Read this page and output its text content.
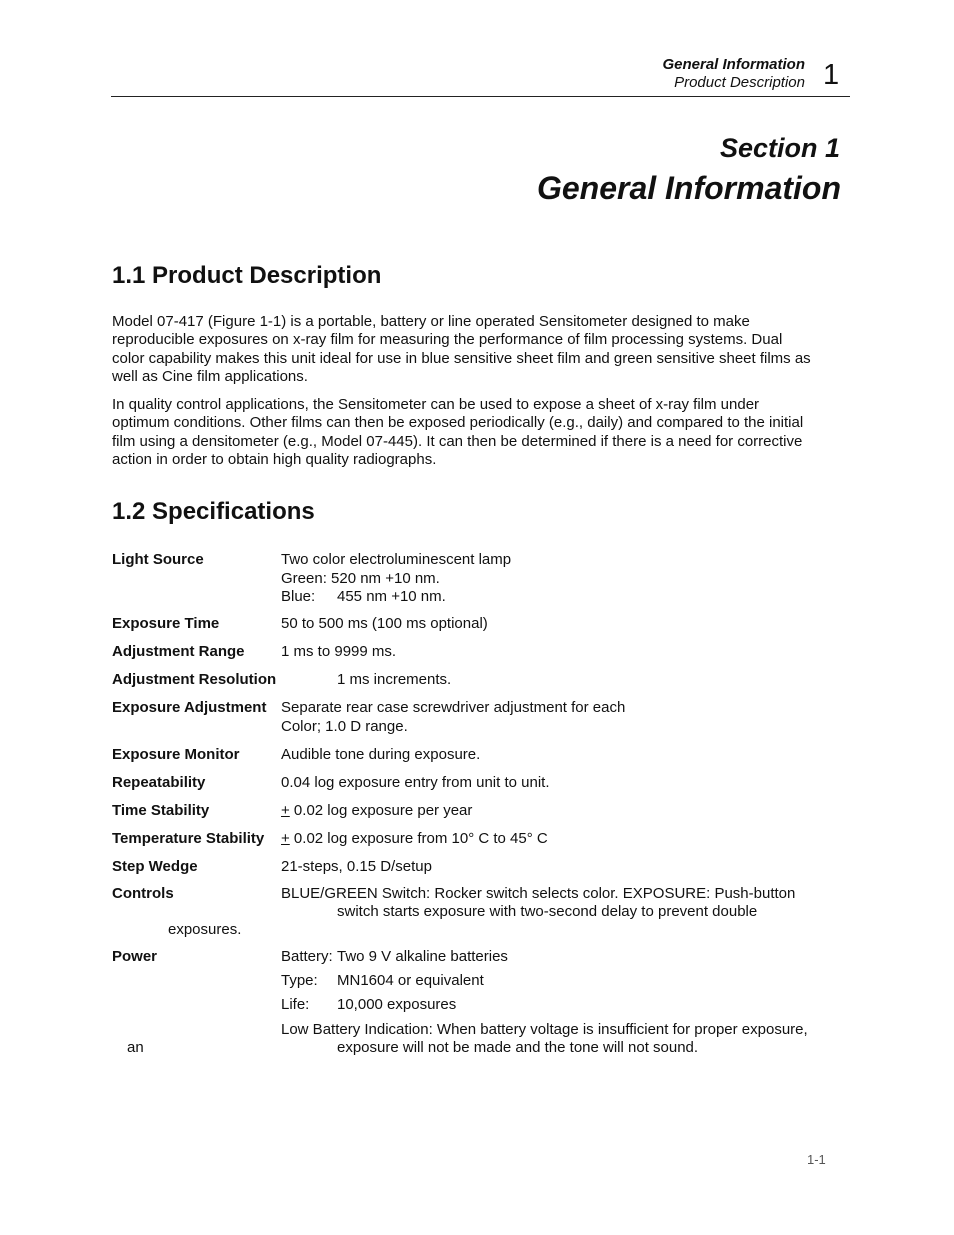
General Information
Product Description 1
Section 1
General Information
1.1 Product Description
Model 07-417 (Figure 1-1) is a portable, battery or line operated Sensitometer designed to make
reproducible exposures on x-ray film for measuring the performance of film processing systems. Dual
color capability makes this unit ideal for use in blue sensitive sheet film and green sensitive sheet films as
well as Cine film applications.
In quality control applications, the Sensitometer can be used to expose a sheet of x-ray film under
optimum conditions. Other films can then be exposed periodically (e.g., daily) and compared to the initial
film using a densitometer (e.g., Model 07-445). It can then be determined if there is a need for corrective
action in order to obtain high quality radiographs.
1.2 Specifications
Light Source	Two color electroluminescent lamp
Green: 520 nm +10 nm.
Blue: 455 nm +10 nm.
Exposure Time	50 to 500 ms (100 ms optional)
Adjustment Range 1 ms to 9999 ms.
Adjustment Resolution	1 ms increments.
Exposure Adjustment Separate rear case screwdriver adjustment for each
Color; 1.0 D range.
Exposure Monitor	Audible tone during exposure.
Repeatability	0.04 log exposure entry from unit to unit.
Time Stability	+ 0.02 log exposure per year
Temperature Stability + 0.02 log exposure from 10° C to 45° C
Step Wedge	21-steps, 0.15 D/setup
Controls	BLUE/GREEN Switch: Rocker switch selects color. EXPOSURE: Push-button
switch starts exposure with two-second delay to prevent double
exposures.
Power	Battery: Two 9 V alkaline batteries
Type: MN1604 or equivalent
Life: 10,000 exposures
Low Battery Indication: When battery voltage is insufficient for proper exposure,
an	exposure will not be made and the tone will not sound.
1-1
